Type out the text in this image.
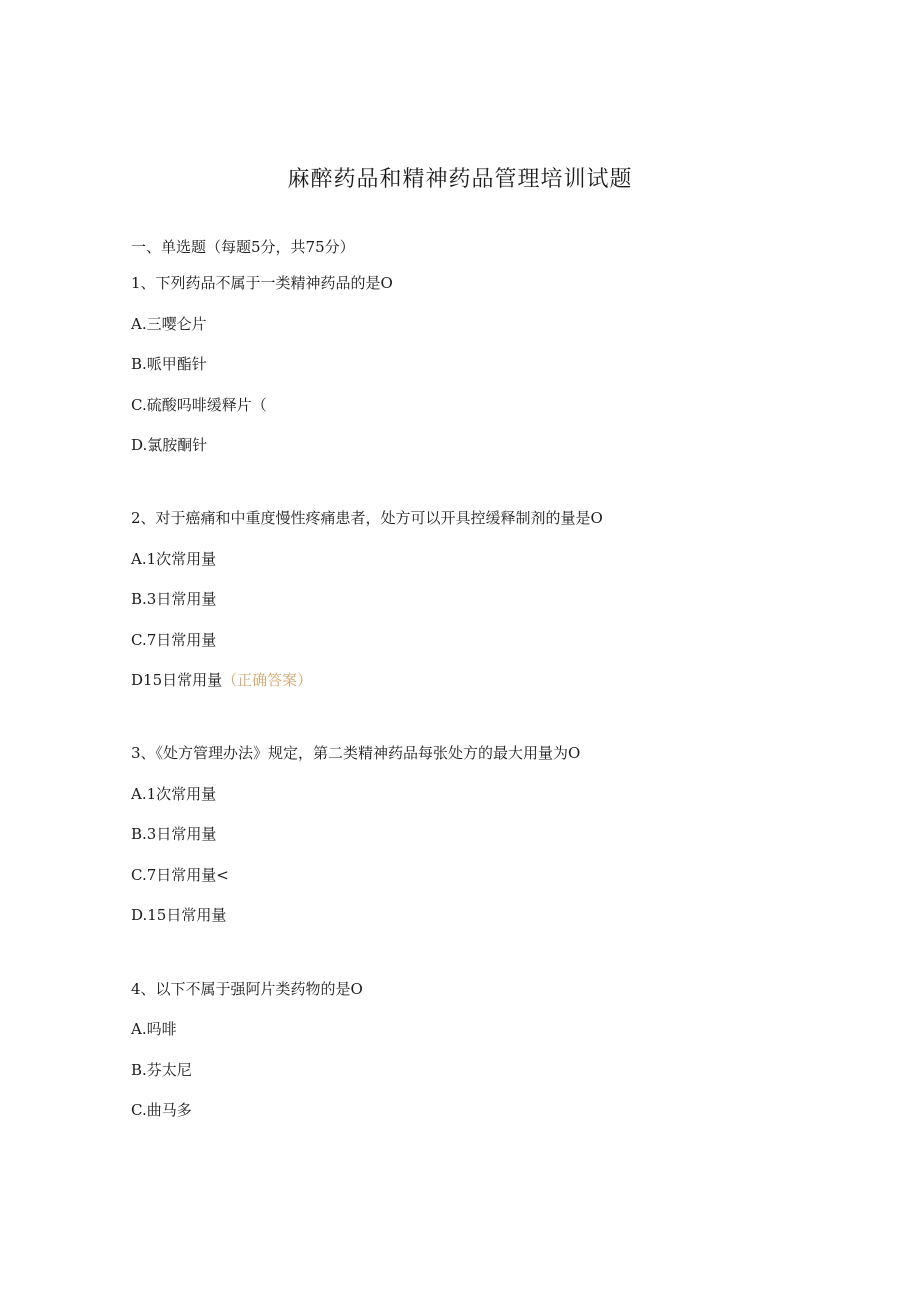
麻醉药品和精神药品管理培训试题
一、单选题（每题5分，共75分）
1、下列药品不属于一类精神药品的是O
A.三嘤仑片
B.哌甲酯针
C.硫酸吗啡缓释片（
D.氯胺酮针
2、对于癌痛和中重度慢性疼痛患者，处方可以开具控缓释制剂的量是O
A.1次常用量
B.3日常用量
C.7日常用量
D15日常用量（正确答案）
3、《处方管理办法》规定，第二类精神药品每张处方的最大用量为O
A.1次常用量
B.3日常用量
C.7日常用量<
D.15日常用量
4、以下不属于强阿片类药物的是O
A.吗啡
B.芬太尼
C.曲马多
